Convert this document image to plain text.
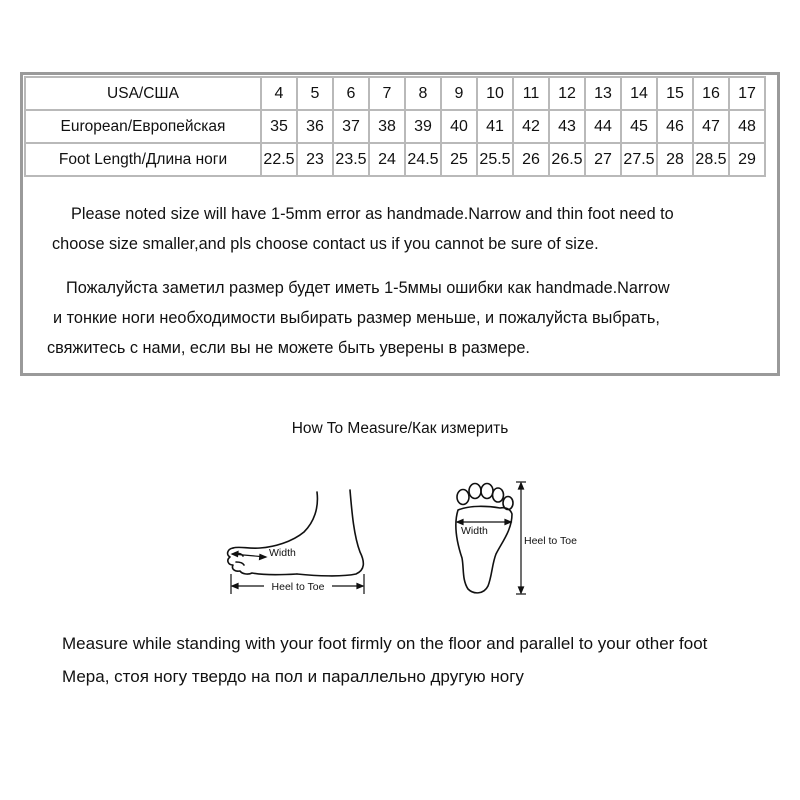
USA/США	4	5	6	7	8	9	10	11	12	13	14	15	16	17
European/Европейская	35	36	37	38	39	40	41	42	43	44	45	46	47	48
Foot Length/Длина ноги	22.5	23	23.5	24	24.5	25	25.5	26	26.5	27	27.5	28	28.5	29

Please noted size will have 1-5mm error as handmade.Narrow and thin foot need to

choose size smaller,and pls choose contact us if you cannot be sure of size.

Пожалуйста заметил размер будет иметь 1-5ммы ошибки как handmade.Narrow

и тонкие ноги необходимости выбирать размер меньше, и пожалуйста выбрать,

свяжитесь с нами, если вы не можете быть уверены в размере.

How To Measure/Как измерить
Width
Heel to Toe
Width
Heel to Toe
Measure while standing with your foot firmly on the floor and parallel to your other foot
Мера, стоя ногу твердо на пол и параллельно другую ногу
